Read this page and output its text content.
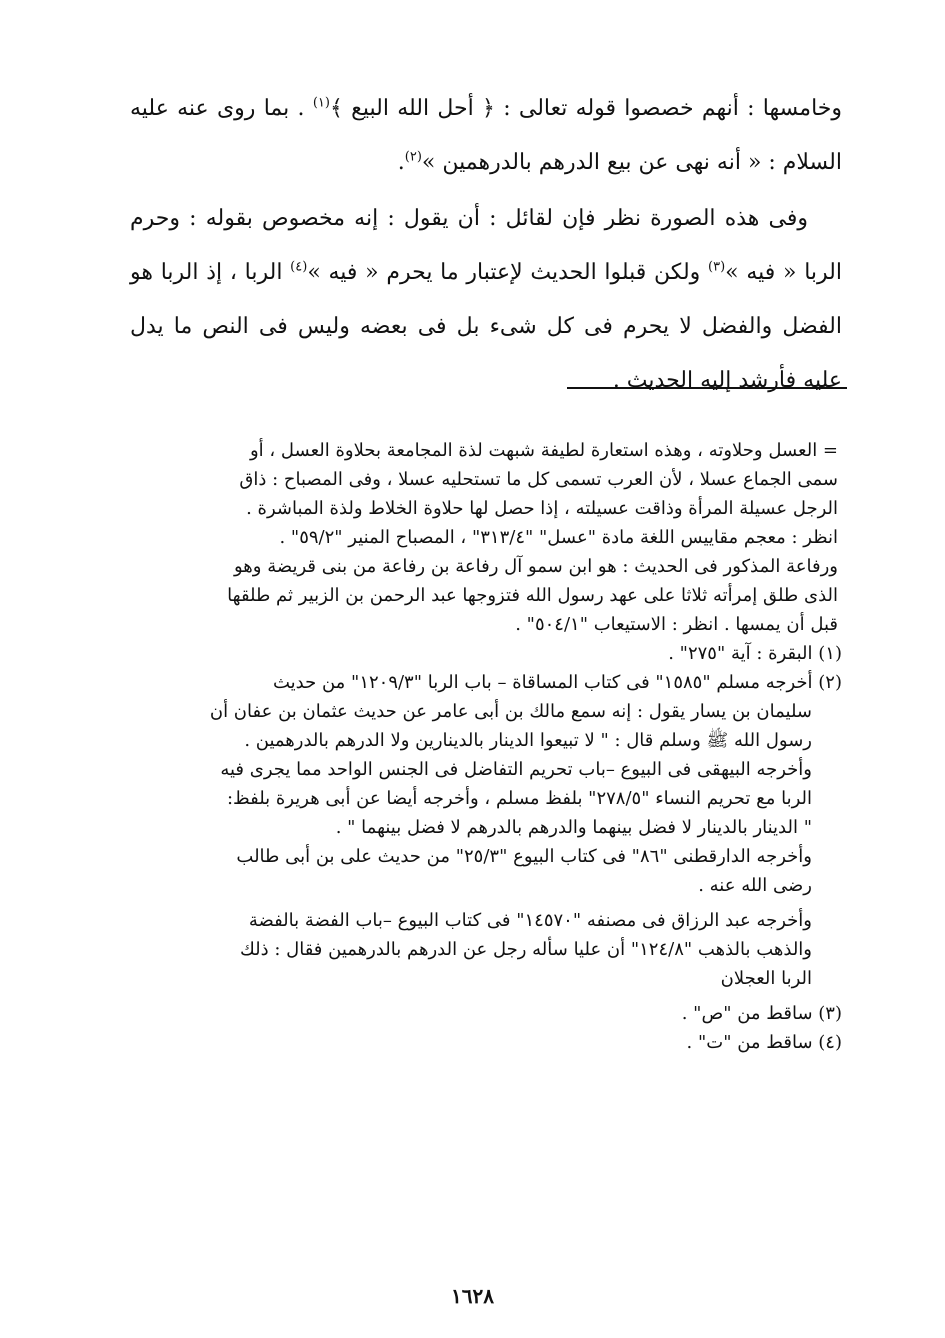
وخامسها : أنهم خصصوا قوله تعالى : ﴿ أحل الله البيع ﴾$^{(١)}$ . بما روى عنه عليه السلام : « أنه نهى عن بيع الدرهم بالدرهمين »$^{(٢)}$.

وفى هذه الصورة نظر فإن لقائل : أن يقول : إنه مخصوص بقوله : وحرم الربا « فيه »$^{(٣)}$ ولكن قبلوا الحديث لإعتبار ما يحرم « فيه »$^{(٤)}$ الربا ، إذ الربا هو الفضل والفضل لا يحرم فى كل شىء بل فى بعضه وليس فى النص ما يدل عليه فأرشد إليه الحديث .

= العسل وحلاوته ، وهذه استعارة لطيفة شبهت لذة المجامعة بحلاوة العسل ، أو
سمى الجماع عسلا ، لأن العرب تسمى كل ما تستحليه عسلا ، وفى المصباح : ذاق
الرجل عسيلة المرأة وذاقت عسيلته ، إذا حصل لها حلاوة الخلاط ولذة المباشرة .
انظر : معجم مقاييس اللغة مادة "عسل" "٣١٣/٤" ، المصباح المنير "٥٩/٢" .
ورفاعة المذكور فى الحديث : هو ابن سمو آل رفاعة بن رفاعة من بنى قريضة وهو
الذى طلق إمرأته ثلاثا على عهد رسول الله فتزوجها عبد الرحمن بن الزبير ثم طلقها
قبل أن يمسها . انظر : الاستيعاب "٥٠٤/١" .
(١) البقرة : آية "٢٧٥" .
(٢) أخرجه مسلم "١٥٨٥" فى كتاب المساقاة – باب الربا "١٢٠٩/٣" من حديث
سليمان بن يسار يقول : إنه سمع مالك بن أبى عامر عن حديث عثمان بن عفان أن
رسول الله ﷺ وسلم قال : " لا تبيعوا الدينار بالدينارين ولا الدرهم بالدرهمين .
وأخرجه البيهقى فى البيوع –باب تحريم التفاضل فى الجنس الواحد مما يجرى فيه
الربا مع تحريم النساء "٢٧٨/٥" بلفظ مسلم ، وأخرجه أيضا عن أبى هريرة بلفظ:
" الدينار بالدينار لا فضل بينهما والدرهم بالدرهم لا فضل بينهما " .
وأخرجه الدارقطنى "٨٦" فى كتاب البيوع "٢٥/٣" من حديث على بن أبى طالب
رضى الله عنه .
وأخرجه عبد الرزاق فى مصنفه "١٤٥٧٠" فى كتاب البيوع –باب الفضة بالفضة
والذهب بالذهب "١٢٤/٨" أن عليا سأله رجل عن الدرهم بالدرهمين فقال : ذلك
الربا العجلان
(٣) ساقط من "ص" .
(٤) ساقط من "ت" .
١٦٢٨
